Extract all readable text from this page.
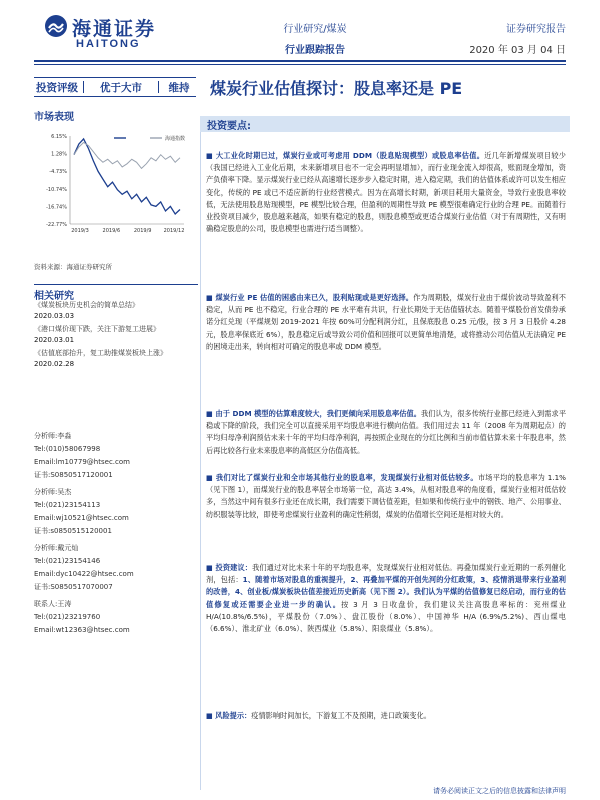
海通证券
HAITONG
行业研究/煤炭
行业跟踪报告
证券研究报告
2020 年 03 月 04 日
投资评级	优于大市	维持	煤炭行业估值探讨：股息率还是 PE
市场表现
6.15%
1.28%
-4.73%
-10.74%
-16.74%
-22.77%
2019/3	2019/6	2019/9 2019/12
海通指数
资料来源：海通证券研究所
相关研究
《煤炭板块历史机会的简单总结》
2020.03.03
《港口煤价现下跌，关注下游复工进展》
2020.03.01
《估值底部抬升，复工助推煤炭板块上涨》
2020.02.28
分析师:李淼
Tel:(010)58067998
Email:lm10779@htsec.com
证书:S0850517120001
分析师:吴杰
Tel:(021)23154113
Email:wj10521@htsec.com
证书:s0850515120001
分析师:戴元灿
Tel:(021)23154146
Email:dyc10422@htsec.com
证书:S0850517070007
联系人:王涛
Tel:(021)23219760
Email:wt12363@htsec.com
投资要点:
■ 大工业化时期已过，煤炭行业或可考虑用 DDM（股息贴现模型）或股息率估值。近几年新增煤炭项目较少（我国已经进入工业化后期，未来新增项目也不一定会再明显增加），而行业现金流入却很高，账面现金增加，资产负债率下降。显示煤炭行业已经从高速增长逐步步入稳定时期，进入稳定期，我们的估值体系或许可以发生相应变化，传统的 PE 或已不适应新的行业经营模式。因为在高增长时期，新项目耗用大量资金，导致行业股息率较低，无法使用股息贴现模型，PE 模型比较合理，但盈利的周期性导致 PE 模型很难确定行业的合理 PE。而随着行业投资项目减少，股息越来越高，如果有稳定的股息，则股息模型或更适合煤炭行业估值（对于有周期性，又有明确稳定股息的公司，股息模型也需进行适当调整）。
■ 煤炭行业 PE 估值的困惑由来已久，股利贴现或是更好选择。作为周期股，煤炭行业由于煤价波动导致盈利不稳定，从而 PE 也不稳定，行业合理的 PE 水平难有共识，行业长期处于无估值锚状态。随着平煤股份首发债券承诺分红兑现（平煤规划 2019-2021 年按 60%可分配利润分红，且保底股息 0.25 元/股，按 3 月 3 日股价 4.28 元，股息率保底近 6%），股息稳定后或导致公司价值和回报可以更简单地清楚，或将推动公司估值从无法确定 PE 的困境走出来，转向相对可确定的股息率或 DDM 模型。
■ 由于 DDM 模型的估算难度较大，我们更倾向采用股息率估值。我们认为，很多传统行业都已经进入到需求平稳或下降的阶段，我们完全可以直接采用平均股息率进行横向估值。我们用过去 11 年（2008 年为周期起点）的平均归母净利润预估未来十年的平均归母净利润，再按照企业现在的分红比例和当前市值估算未来十年股息率，然后再比较各行业未来股息率的高低区分估值高低。
■ 我们对比了煤炭行业和全市场其他行业的股息率，发现煤炭行业相对低估较多。市场平均的股息率为 1.1%（见下图 1），而煤炭行业的股息率居全市场第一位，高达 3.4%，从相对股息率的角度看，煤炭行业相对低估较多，当然这中间有很多行业还在成长期，我们需要下调估值差距，但如果和传统行业中的钢铁、地产、公用事业、纺织服装等比较，即使考虑煤炭行业盈利的确定性稍弱，煤炭的估值增长空间还是相对较大的。
■ 投资建议：我们通过对比未来十年的平均股息率，发现煤炭行业相对低估。再叠加煤炭行业近期的一系列催化剂，包括：1、随着市场对股息的重视提升，2、再叠加平煤的开创先河的分红政策，3、疫情消退带来行业盈利的改善，4、创业板/煤炭板块估值差接近历史新高（见下图 2）。我们认为平煤的估值修复已经启动，而行业的估值修复或还需要企业进一步的确认。按 3 月 3 日收盘价，我们建议关注高股息率标的：兖州煤业 H/A(10.8%/6.5%)，平煤股份（7.0%）、盘江股份（8.0%）、中国神华 H/A (6.9%/5.2%)、西山煤电（6.6%）、淮北矿业（6.0%）、陕西煤业（5.8%）、阳泉煤业（5.8%）。
■ 风险提示：疫情影响时间加长，下游复工不及预期，进口政策变化。
请务必阅读正文之后的信息披露和法律声明
